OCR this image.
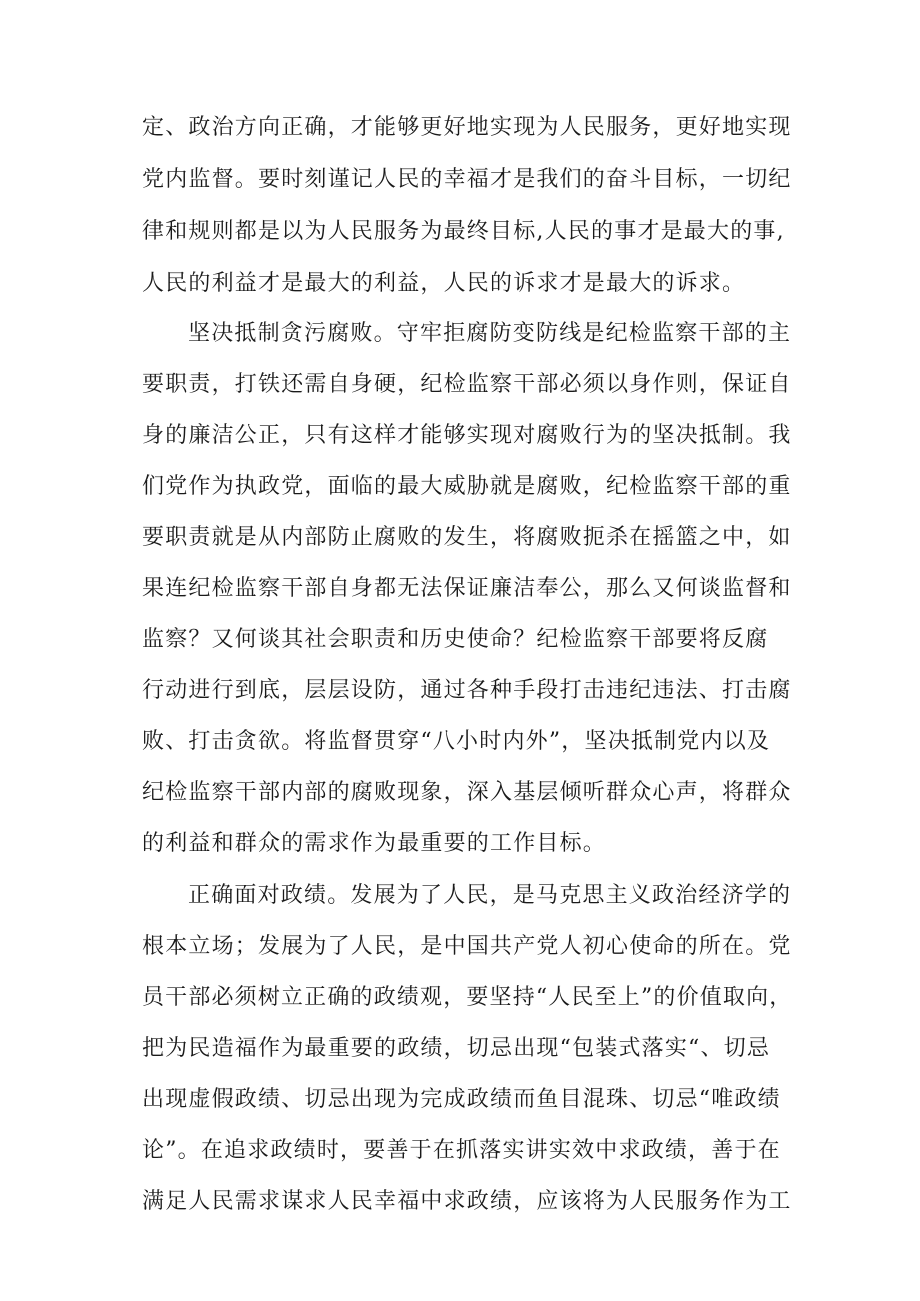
定、政治方向正确，才能够更好地实现为人民服务，更好地实现
党内监督。要时刻谨记人民的幸福才是我们的奋斗目标，一切纪
律和规则都是以为人民服务为最终目标,人民的事才是最大的事,
人民的利益才是最大的利益，人民的诉求才是最大的诉求。
坚决抵制贪污腐败。守牢拒腐防变防线是纪检监察干部的主
要职责，打铁还需自身硬，纪检监察干部必须以身作则，保证自
身的廉洁公正，只有这样才能够实现对腐败行为的坚决抵制。我
们党作为执政党，面临的最大威胁就是腐败，纪检监察干部的重
要职责就是从内部防止腐败的发生，将腐败扼杀在摇篮之中，如
果连纪检监察干部自身都无法保证廉洁奉公，那么又何谈监督和
监察？又何谈其社会职责和历史使命？纪检监察干部要将反腐
行动进行到底，层层设防，通过各种手段打击违纪违法、打击腐
败、打击贪欲。将监督贯穿“八小时内外”，坚决抵制党内以及
纪检监察干部内部的腐败现象，深入基层倾听群众心声，将群众
的利益和群众的需求作为最重要的工作目标。
正确面对政绩。发展为了人民，是马克思主义政治经济学的
根本立场；发展为了人民，是中国共产党人初心使命的所在。党
员干部必须树立正确的政绩观，要坚持“人民至上”的价值取向，
把为民造福作为最重要的政绩，切忌出现“包装式落实“、切忌
出现虚假政绩、切忌出现为完成政绩而鱼目混珠、切忌“唯政绩
论”。在追求政绩时，要善于在抓落实讲实效中求政绩，善于在
满足人民需求谋求人民幸福中求政绩，应该将为人民服务作为工
